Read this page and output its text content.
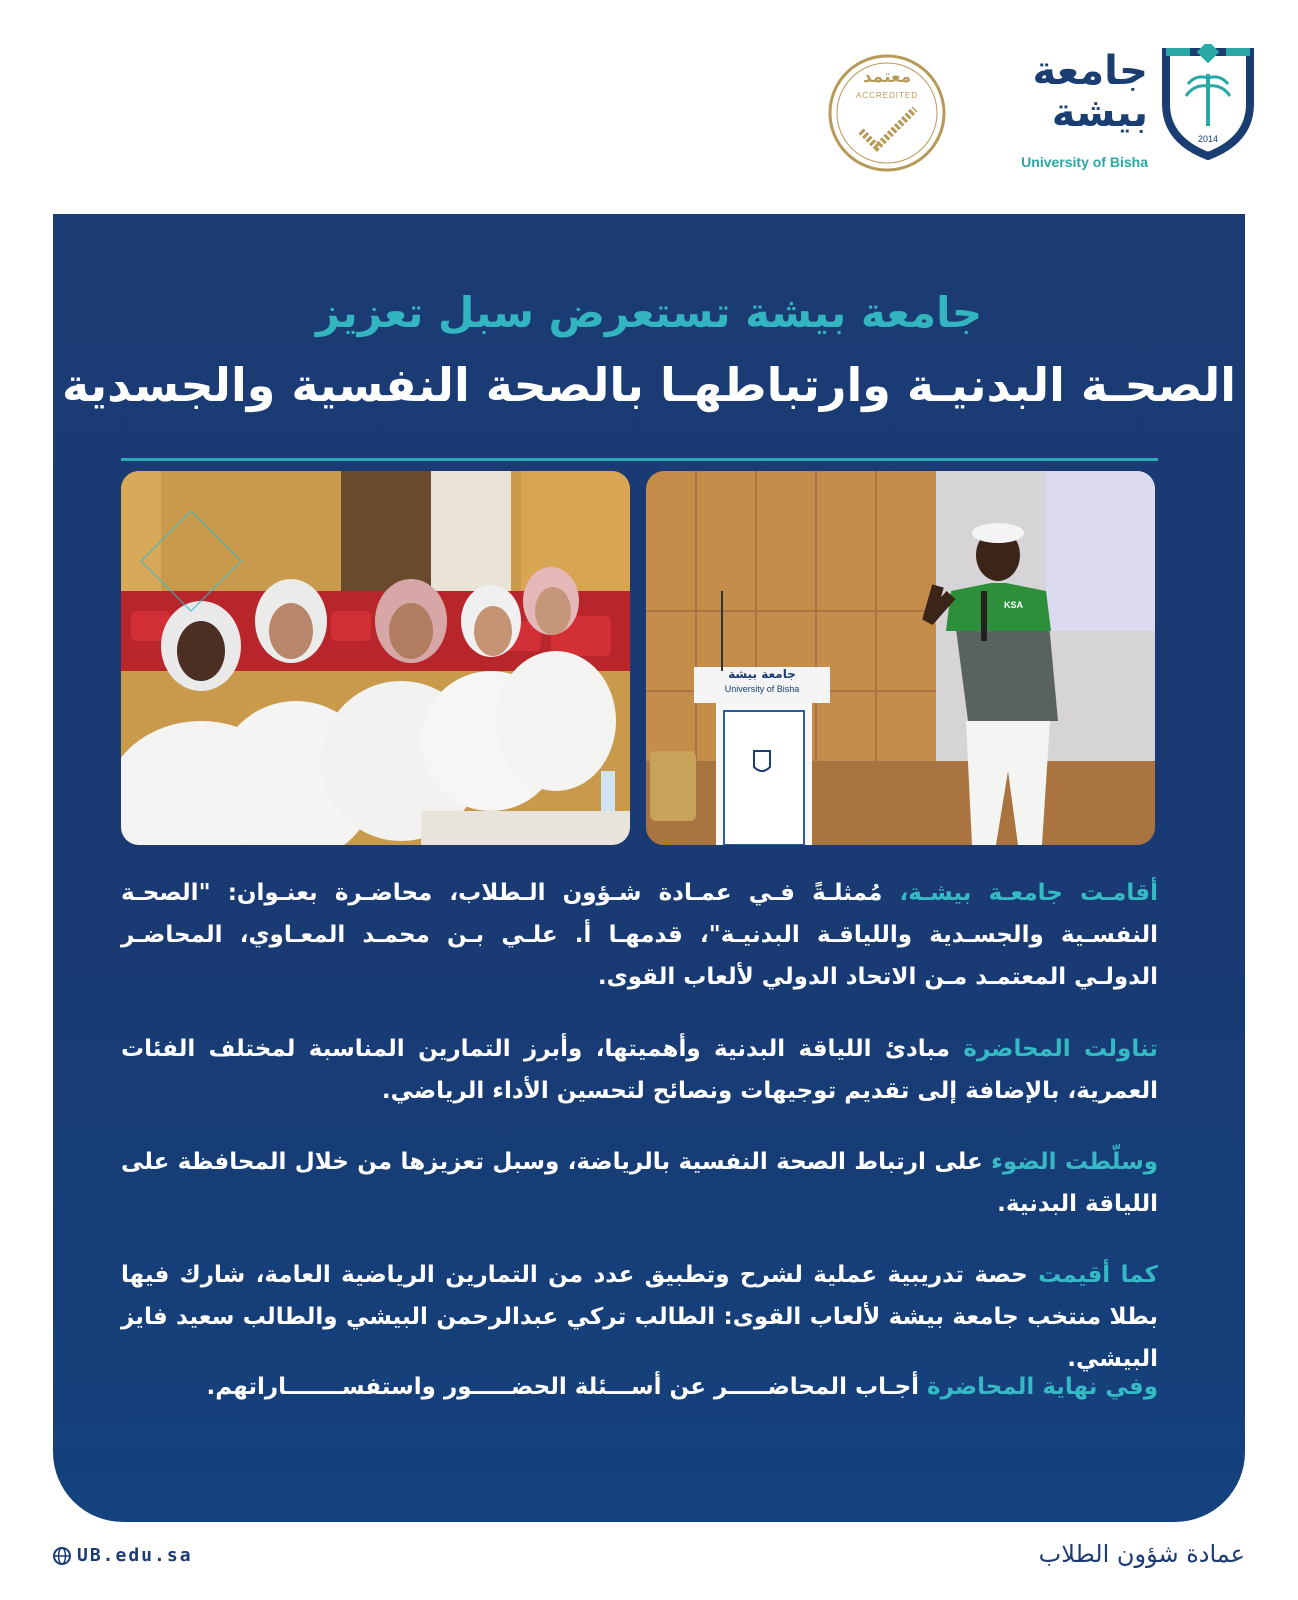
2014
جامعة
بيشة
University of Bisha
معتمد
ACCREDITED
جامعة بيشة تستعرض سبل تعزيز
الصحـة البدنيـة وارتباطهـا بالصحة النفسية والجسدية
جامعة بيشة
University of Bisha
KSA
أقامـت جامعـة بيشـة، مُمثلـةً فـي عمـادة شـؤون الـطلاب، محاضـرة بعنـوان: "الصحـة النفسـية والجسـدية واللياقـة البدنيـة"، قدمهـا أ. علـي بـن محمـد المعـاوي، المحاضـر الدولـي المعتمـد مـن الاتحاد الدولي لألعاب القوى.
تناولت المحاضرة مبادئ اللياقة البدنية وأهميتها، وأبرز التمارين المناسبة لمختلف الفئات العمرية، بالإضافة إلى تقديم توجيهات ونصائح لتحسين الأداء الرياضي.
وسلّطت الضوء على ارتباط الصحة النفسية بالرياضة، وسبل تعزيزها من خلال المحافظة على اللياقة البدنية.
كما أقيمت حصة تدريبية عملية لشرح وتطبيق عدد من التمارين الرياضية العامة، شارك فيها بطلا منتخب جامعة بيشة لألعاب القوى: الطالب تركي عبدالرحمن البيشي والطالب سعيد فايز البيشي.
وفي نهاية المحاضرة أجـاب المحاضـــــر عن أســـئلة الحضـــــور واستفســـــــاراتهم.
UB.edu.sa	عمادة شؤون الطلاب
